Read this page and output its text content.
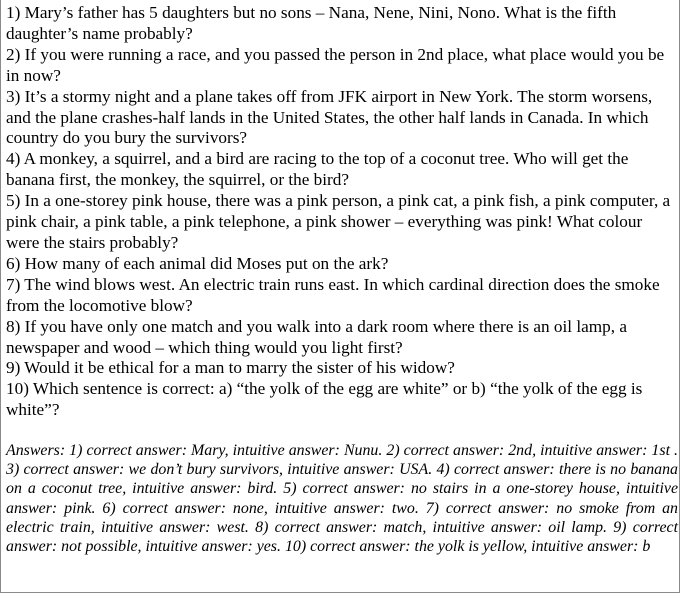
1) Mary’s father has 5 daughters but no sons – Nana, Nene, Nini, Nono. What is the fifth daughter’s name probably?
2) If you were running a race, and you passed the person in 2nd place, what place would you be in now?
3) It’s a stormy night and a plane takes off from JFK airport in New York. The storm worsens, and the plane crashes-half lands in the United States, the other half lands in Canada. In which country do you bury the survivors?
4) A monkey, a squirrel, and a bird are racing to the top of a coconut tree. Who will get the banana first, the monkey, the squirrel, or the bird?
5) In a one-storey pink house, there was a pink person, a pink cat, a pink fish, a pink computer, a pink chair, a pink table, a pink telephone, a pink shower – everything was pink! What colour were the stairs probably?
6) How many of each animal did Moses put on the ark?
7) The wind blows west. An electric train runs east. In which cardinal direction does the smoke from the locomotive blow?
8) If you have only one match and you walk into a dark room where there is an oil lamp, a newspaper and wood – which thing would you light first?
9) Would it be ethical for a man to marry the sister of his widow?
10) Which sentence is correct: a) “the yolk of the egg are white” or b) “the yolk of the egg is white”?

Answers: 1) correct answer: Mary, intuitive answer: Nunu. 2) correct answer: 2nd, intuitive answer: 1st . 3) correct answer: we don’t bury survivors, intuitive answer: USA. 4) correct answer: there is no banana on a coconut tree, intuitive answer: bird. 5) correct answer: no stairs in a one-storey house, intuitive answer: pink. 6) correct answer: none, intuitive answer: two. 7) correct answer: no smoke from an electric train, intuitive answer: west. 8) correct answer: match, intuitive answer: oil lamp. 9) correct answer: not possible, intuitive answer: yes. 10) correct answer: the yolk is yellow, intuitive answer: b
